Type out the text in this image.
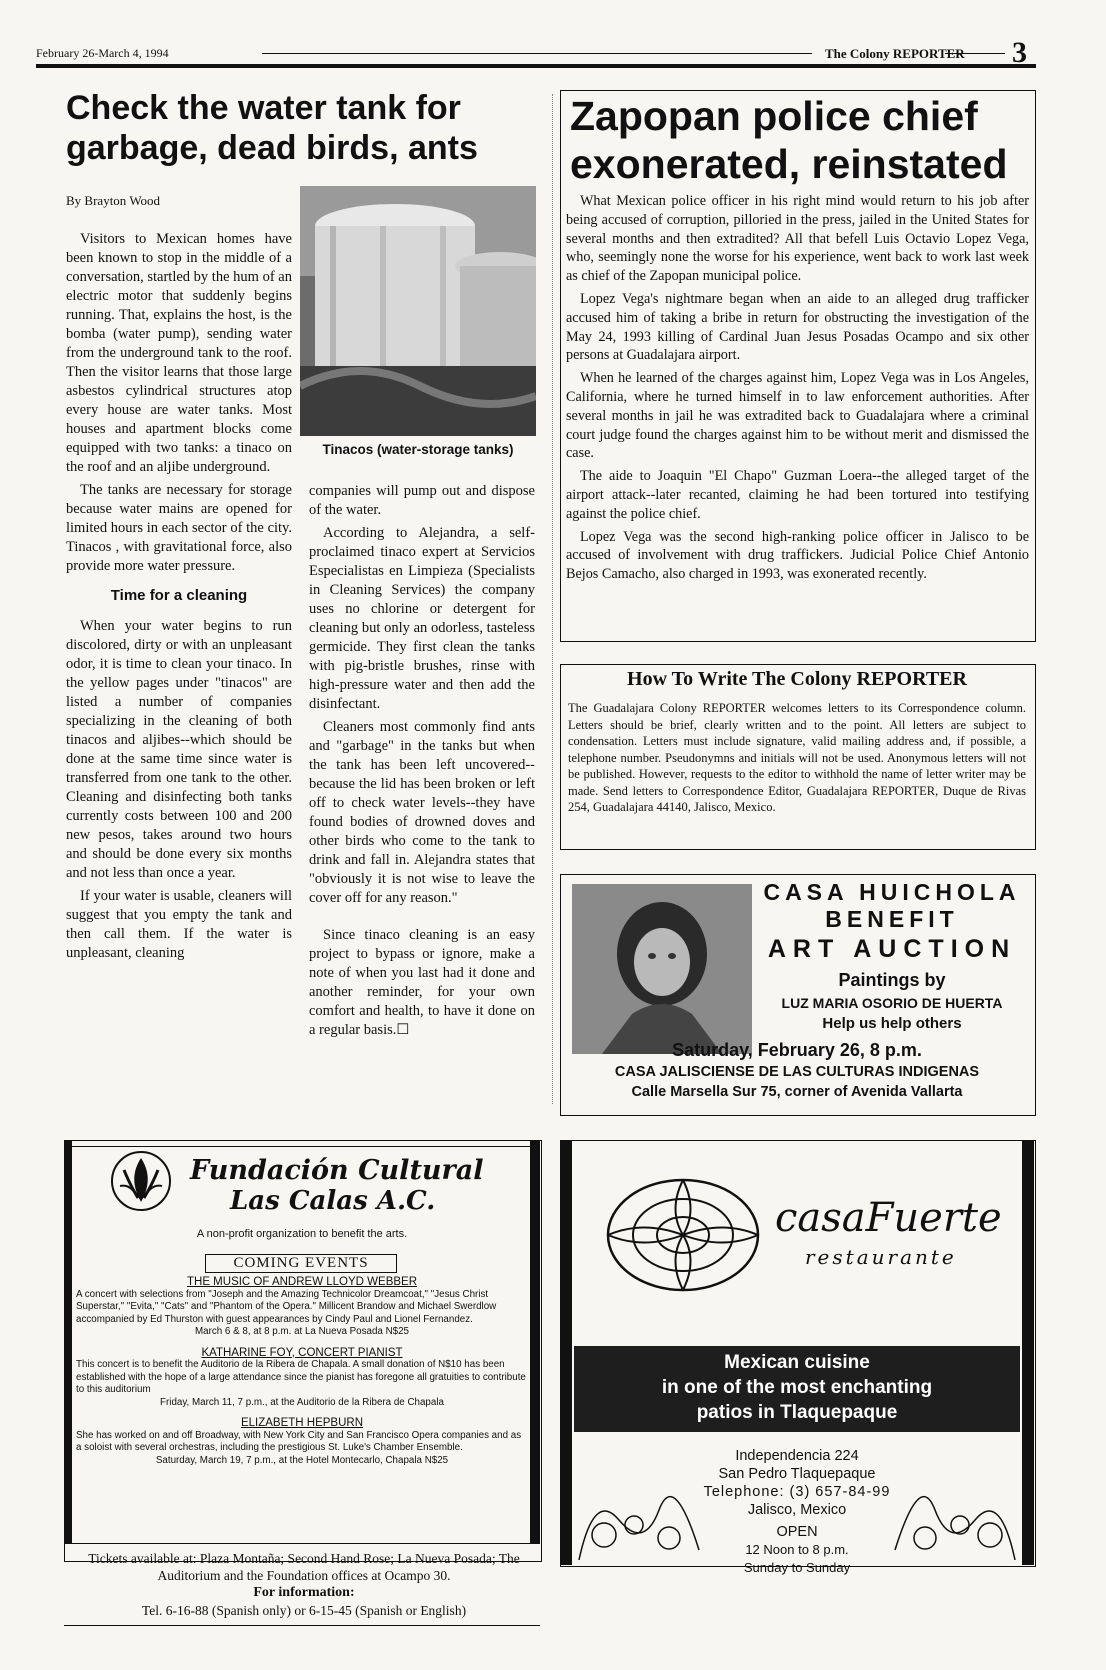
February 26-March 4, 1994	The Colony REPORTER 3
Check the water tank for garbage, dead birds, ants
By Brayton Wood

Visitors to Mexican homes have been known to stop in the middle of a conversation, startled by the hum of an electric motor that suddenly begins running. That, explains the host, is the bomba (water pump), sending water from the underground tank to the roof. Then the visitor learns that those large asbestos cylindrical structures atop every house are water tanks. Most houses and apartment blocks come equipped with two tanks: a tinaco on the roof and an aljibe underground.

The tanks are necessary for storage because water mains are opened for limited hours in each sector of the city. Tinacos , with gravitational force, also provide more water pressure.

Time for a cleaning

When your water begins to run discolored, dirty or with an unpleasant odor, it is time to clean your tinaco. In the yellow pages under "tinacos" are listed a number of companies specializing in the cleaning of both tinacos and aljibes--which should be done at the same time since water is transferred from one tank to the other. Cleaning and disinfecting both tanks currently costs between 100 and 200 new pesos, takes around two hours and should be done every six months and not less than once a year.

If your water is usable, cleaners will suggest that you empty the tank and then call them. If the water is unpleasant, cleaning

Tinacos (water-storage tanks)

companies will pump out and dispose of the water.

According to Alejandra, a self-proclaimed tinaco expert at Servicios Especialistas en Limpieza (Specialists in Cleaning Services) the company uses no chlorine or detergent for cleaning but only an odorless, tasteless germicide. They first clean the tanks with pig-bristle brushes, rinse with high-pressure water and then add the disinfectant.

Cleaners most commonly find ants and "garbage" in the tanks but when the tank has been left uncovered--because the lid has been broken or left off to check water levels--they have found bodies of drowned doves and other birds who come to the tank to drink and fall in. Alejandra states that "obviously it is not wise to leave the cover off for any reason."

Since tinaco cleaning is an easy project to bypass or ignore, make a note of when you last had it done and another reminder, for your own comfort and health, to have it done on a regular basis.☐

Zapopan police chief exonerated, reinstated

What Mexican police officer in his right mind would return to his job after being accused of corruption, pilloried in the press, jailed in the United States for several months and then extradited? All that befell Luis Octavio Lopez Vega, who, seemingly none the worse for his experience, went back to work last week as chief of the Zapopan municipal police.

Lopez Vega's nightmare began when an aide to an alleged drug trafficker accused him of taking a bribe in return for obstructing the investigation of the May 24, 1993 killing of Cardinal Juan Jesus Posadas Ocampo and six other persons at Guadalajara airport.

When he learned of the charges against him, Lopez Vega was in Los Angeles, California, where he turned himself in to law enforcement authorities. After several months in jail he was extradited back to Guadalajara where a criminal court judge found the charges against him to be without merit and dismissed the case.

The aide to Joaquin "El Chapo" Guzman Loera--the alleged target of the airport attack--later recanted, claiming he had been tortured into testifying against the police chief.

Lopez Vega was the second high-ranking police officer in Jalisco to be accused of involvement with drug traffickers. Judicial Police Chief Antonio Bejos Camacho, also charged in 1993, was exonerated recently.

How To Write The Colony REPORTER
The Guadalajara Colony REPORTER welcomes letters to its Correspondence column. Letters should be brief, clearly written and to the point. All letters are subject to condensation. Letters must include signature, valid mailing address and, if possible, a telephone number. Pseudonymns and initials will not be used. Anonymous letters will not be published. However, requests to the editor to withhold the name of letter writer may be made. Send letters to Correspondence Editor, Guadalajara REPORTER, Duque de Rivas 254, Guadalajara 44140, Jalisco, Mexico.
CASA HUICHOLA
BENEFIT
ART AUCTION
Paintings by
LUZ MARIA OSORIO DE HUERTA
Help us help others
Saturday, February 26, 8 p.m.
CASA JALISCIENSE DE LAS CULTURAS INDIGENAS
Calle Marsella Sur 75, corner of Avenida Vallarta
Fundación Cultural
Las Calas A.C.
A non-profit organization to benefit the arts.
COMING EVENTS
THE MUSIC OF ANDREW LLOYD WEBBER
A concert with selections from "Joseph and the Amazing Technicolor Dreamcoat," "Jesus Christ Superstar," "Evita," "Cats" and "Phantom of the Opera." Millicent Brandow and Michael Swerdlow accompanied by Ed Thurston with guest appearances by Cindy Paul and Lionel Fernandez.
March 6 & 8, at 8 p.m. at La Nueva Posada N$25
KATHARINE FOY, CONCERT PIANIST
This concert is to benefit the Auditorio de la Ribera de Chapala. A small donation of N$10 has been established with the hope of a large attendance since the pianist has foregone all gratuities to contribute to this auditorium
Friday, March 11, 7 p.m., at the Auditorio de la Ribera de Chapala
ELIZABETH HEPBURN
She has worked on and off Broadway, with New York City and San Francisco Opera companies and as a soloist with several orchestras, including the prestigious St. Luke's Chamber Ensemble.
Saturday, March 19, 7 p.m., at the Hotel Montecarlo, Chapala N$25
Tickets available at: Plaza Montaña; Second Hand Rose; La Nueva Posada; The Auditorium and the Foundation offices at Ocampo 30.
For information:
Tel. 6-16-88 (Spanish only) or 6-15-45 (Spanish or English)
casaFuerte
restaurante
Mexican cuisine
in one of the most enchanting
patios in Tlaquepaque
Independencia 224
San Pedro Tlaquepaque
Telephone: (3) 657-84-99
Jalisco, Mexico
OPEN
12 Noon to 8 p.m.
Sunday to Sunday
